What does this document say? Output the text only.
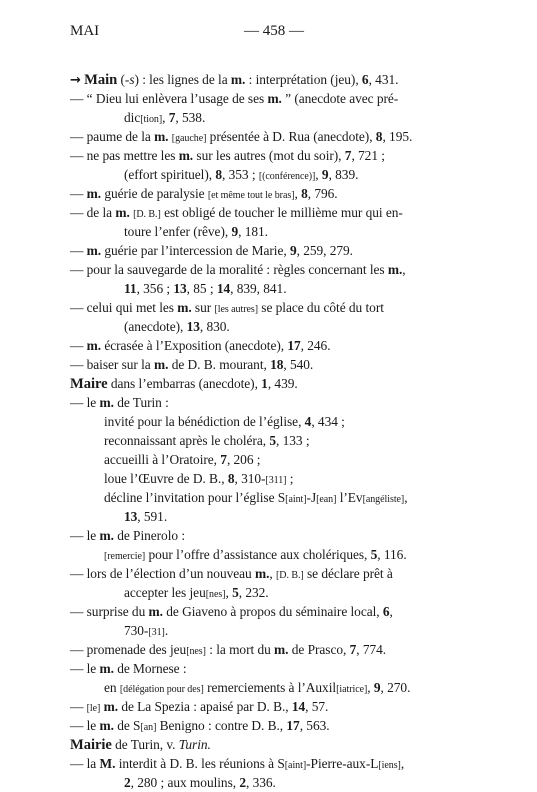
MAI	— 458 —
→ Main (-s) : les lignes de la m. : interprétation (jeu), 6, 431.
— “ Dieu lui enlèvera l’usage de ses m. ” (anecdote avec pré-
dic[tion], 7, 538.
— paume de la m. [gauche] présentée à D. Rua (anecdote), 8, 195.
— ne pas mettre les m. sur les autres (mot du soir), 7, 721 ;
(effort spirituel), 8, 353 ; [(conférence)], 9, 839.
— m. guérie de paralysie [et même tout le bras], 8, 796.
— de la m. [D. B.] est obligé de toucher le millième mur qui en-
toure l’enfer (rêve), 9, 181.
— m. guérie par l’intercession de Marie, 9, 259, 279.
— pour la sauvegarde de la moralité : règles concernant les m.,
11, 356 ; 13, 85 ; 14, 839, 841.
— celui qui met les m. sur [les autres] se place du côté du tort
(anecdote), 13, 830.
— m. écrasée à l’Exposition (anecdote), 17, 246.
— baiser sur la m. de D. B. mourant, 18, 540.
Maire dans l’embarras (anecdote), 1, 439.
— le m. de Turin :
invité pour la bénédiction de l’église, 4, 434 ;
reconnaissant après le choléra, 5, 133 ;
accueilli à l’Oratoire, 7, 206 ;
loue l’Œuvre de D. B., 8, 310-[311] ;
décline l’invitation pour l’église S[aint]-J[ean] l’Ev[angéliste],
13, 591.
— le m. de Pinerolo :
[remercie] pour l’offre d’assistance aux cholériques, 5, 116.
— lors de l’élection d’un nouveau m., [D. B.] se déclare prêt à
accepter les jeu[nes], 5, 232.
— surprise du m. de Giaveno à propos du séminaire local, 6,
730-[31].
— promenade des jeu[nes] : la mort du m. de Prasco, 7, 774.
— le m. de Mornese :
en [délégation pour des] remerciements à l’Auxil[iatrice], 9, 270.
— [le] m. de La Spezia : apaisé par D. B., 14, 57.
— le m. de S[an] Benigno : contre D. B., 17, 563.
Mairie de Turin, v. Turin.
— la M. interdit à D. B. les réunions à S[aint]-Pierre-aux-L[iens],
2, 280 ; aux moulins, 2, 336.
